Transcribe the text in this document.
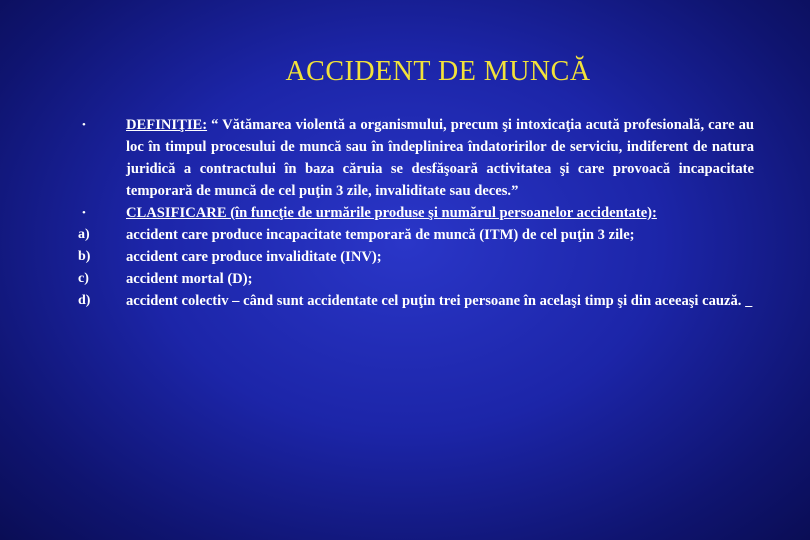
ACCIDENT DE MUNCĂ
•	DEFINIŢIE: “ Vătămarea violentă a organismului, precum şi intoxicaţia acută profesională, care au loc în timpul procesului de muncă sau în îndeplinirea îndatoririlor de serviciu, indiferent de natura juridică a contractului în baza căruia se desfăşoară activitatea şi care provoacă incapacitate temporară de muncă de cel puţin 3 zile, invaliditate sau deces.”
•	CLASIFICARE (în funcţie de urmările produse şi numărul persoanelor accidentate):
a) accident care produce incapacitate temporară de muncă (ITM) de cel puţin 3 zile;
b) accident care produce invaliditate (INV);
c)	accident mortal (D);
d) accident colectiv – când sunt accidentate cel puţin trei persoane în acelaşi timp şi din aceeaşi cauză.
